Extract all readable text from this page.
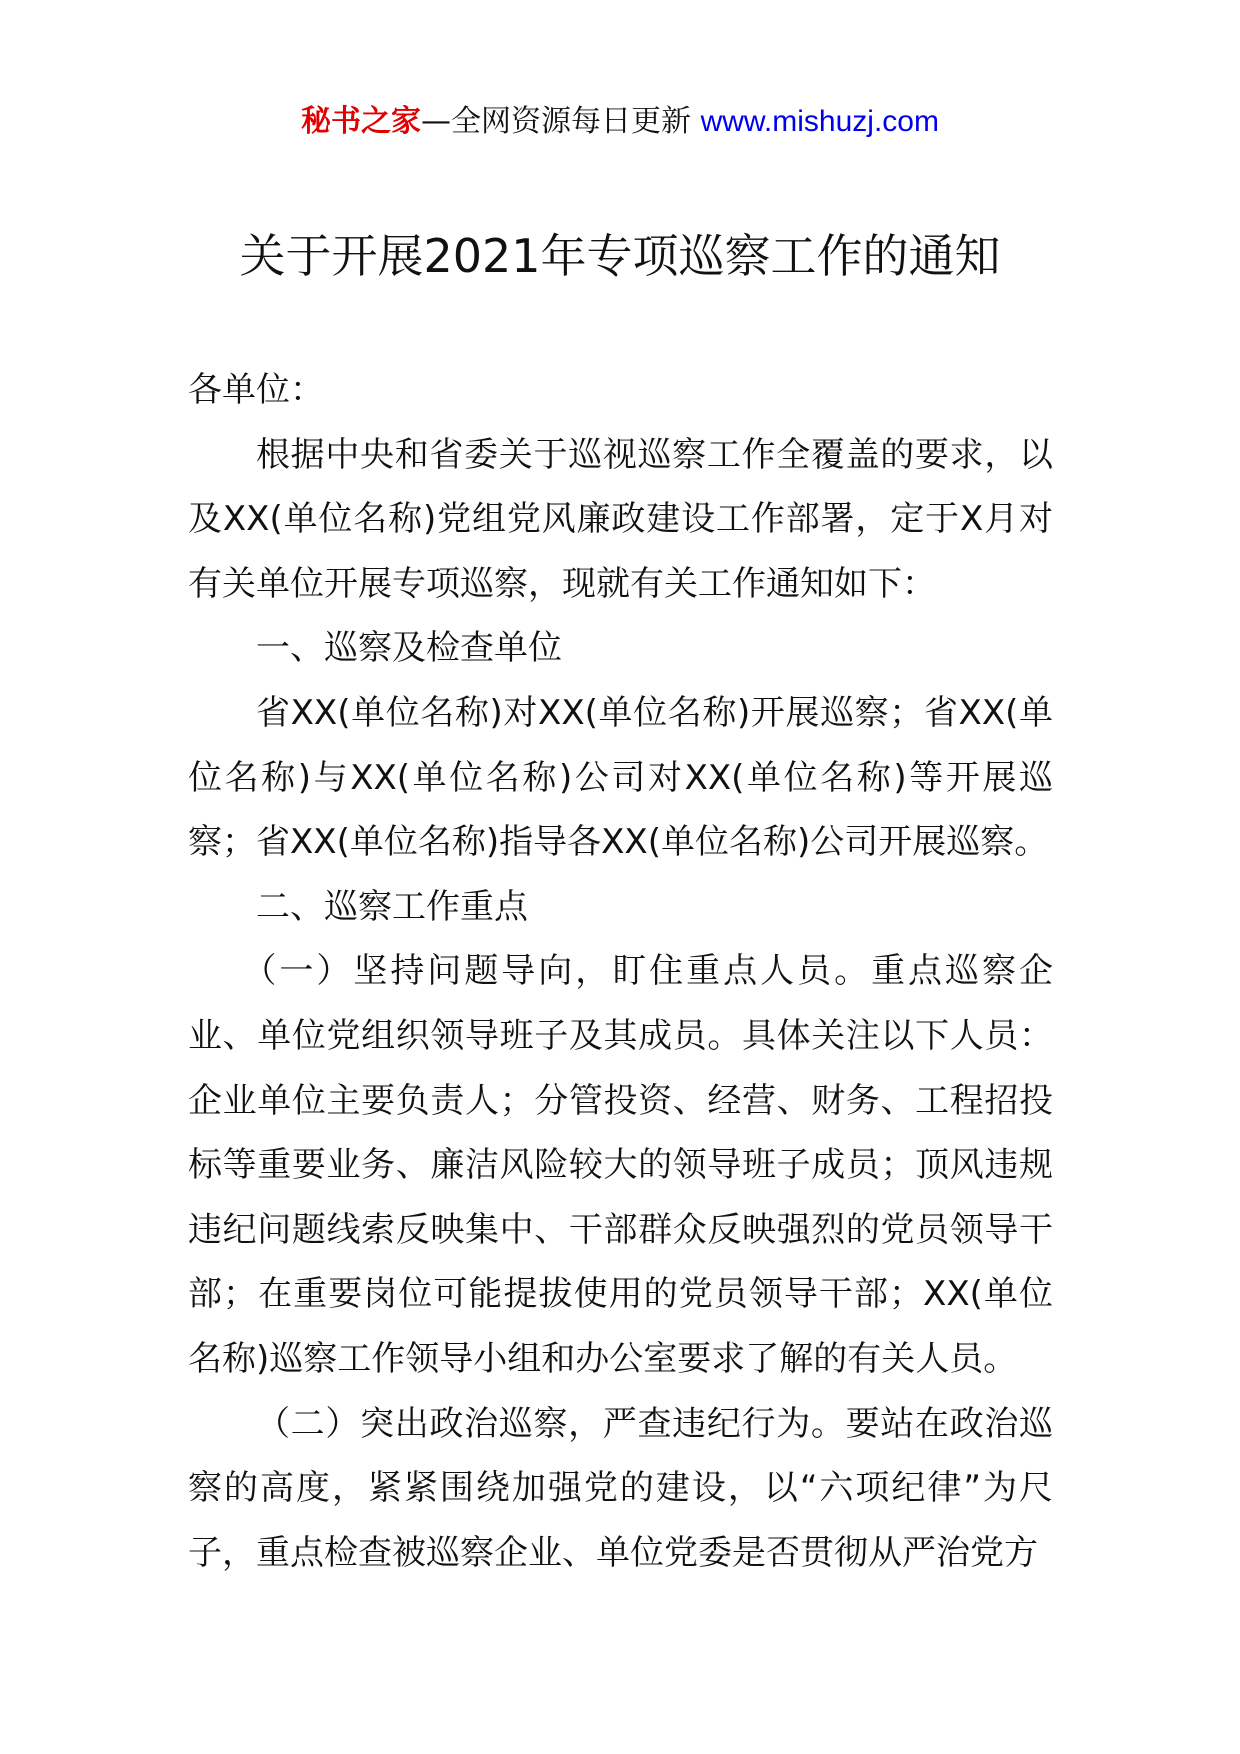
秘书之家—全网资源每日更新 www.mishuzj.com
关于开展2021年专项巡察工作的通知

各单位：

根据中央和省委关于巡视巡察工作全覆盖的要求，以及XX(单位名称)党组党风廉政建设工作部署，定于X月对有关单位开展专项巡察，现就有关工作通知如下：

一、巡察及检查单位

省XX(单位名称)对XX(单位名称)开展巡察；省XX(单位名称)与XX(单位名称)公司对XX(单位名称)等开展巡察；省XX(单位名称)指导各XX(单位名称)公司开展巡察。

二、巡察工作重点

（一）坚持问题导向，盯住重点人员。重点巡察企业、单位党组织领导班子及其成员。具体关注以下人员：企业单位主要负责人；分管投资、经营、财务、工程招投标等重要业务、廉洁风险较大的领导班子成员；顶风违规违纪问题线索反映集中、干部群众反映强烈的党员领导干部；在重要岗位可能提拔使用的党员领导干部；XX(单位名称)巡察工作领导小组和办公室要求了解的有关人员。

（二）突出政治巡察，严查违纪行为。要站在政治巡察的高度，紧紧围绕加强党的建设，以“六项纪律”为尺子，重点检查被巡察企业、单位党委是否贯彻从严治党方
